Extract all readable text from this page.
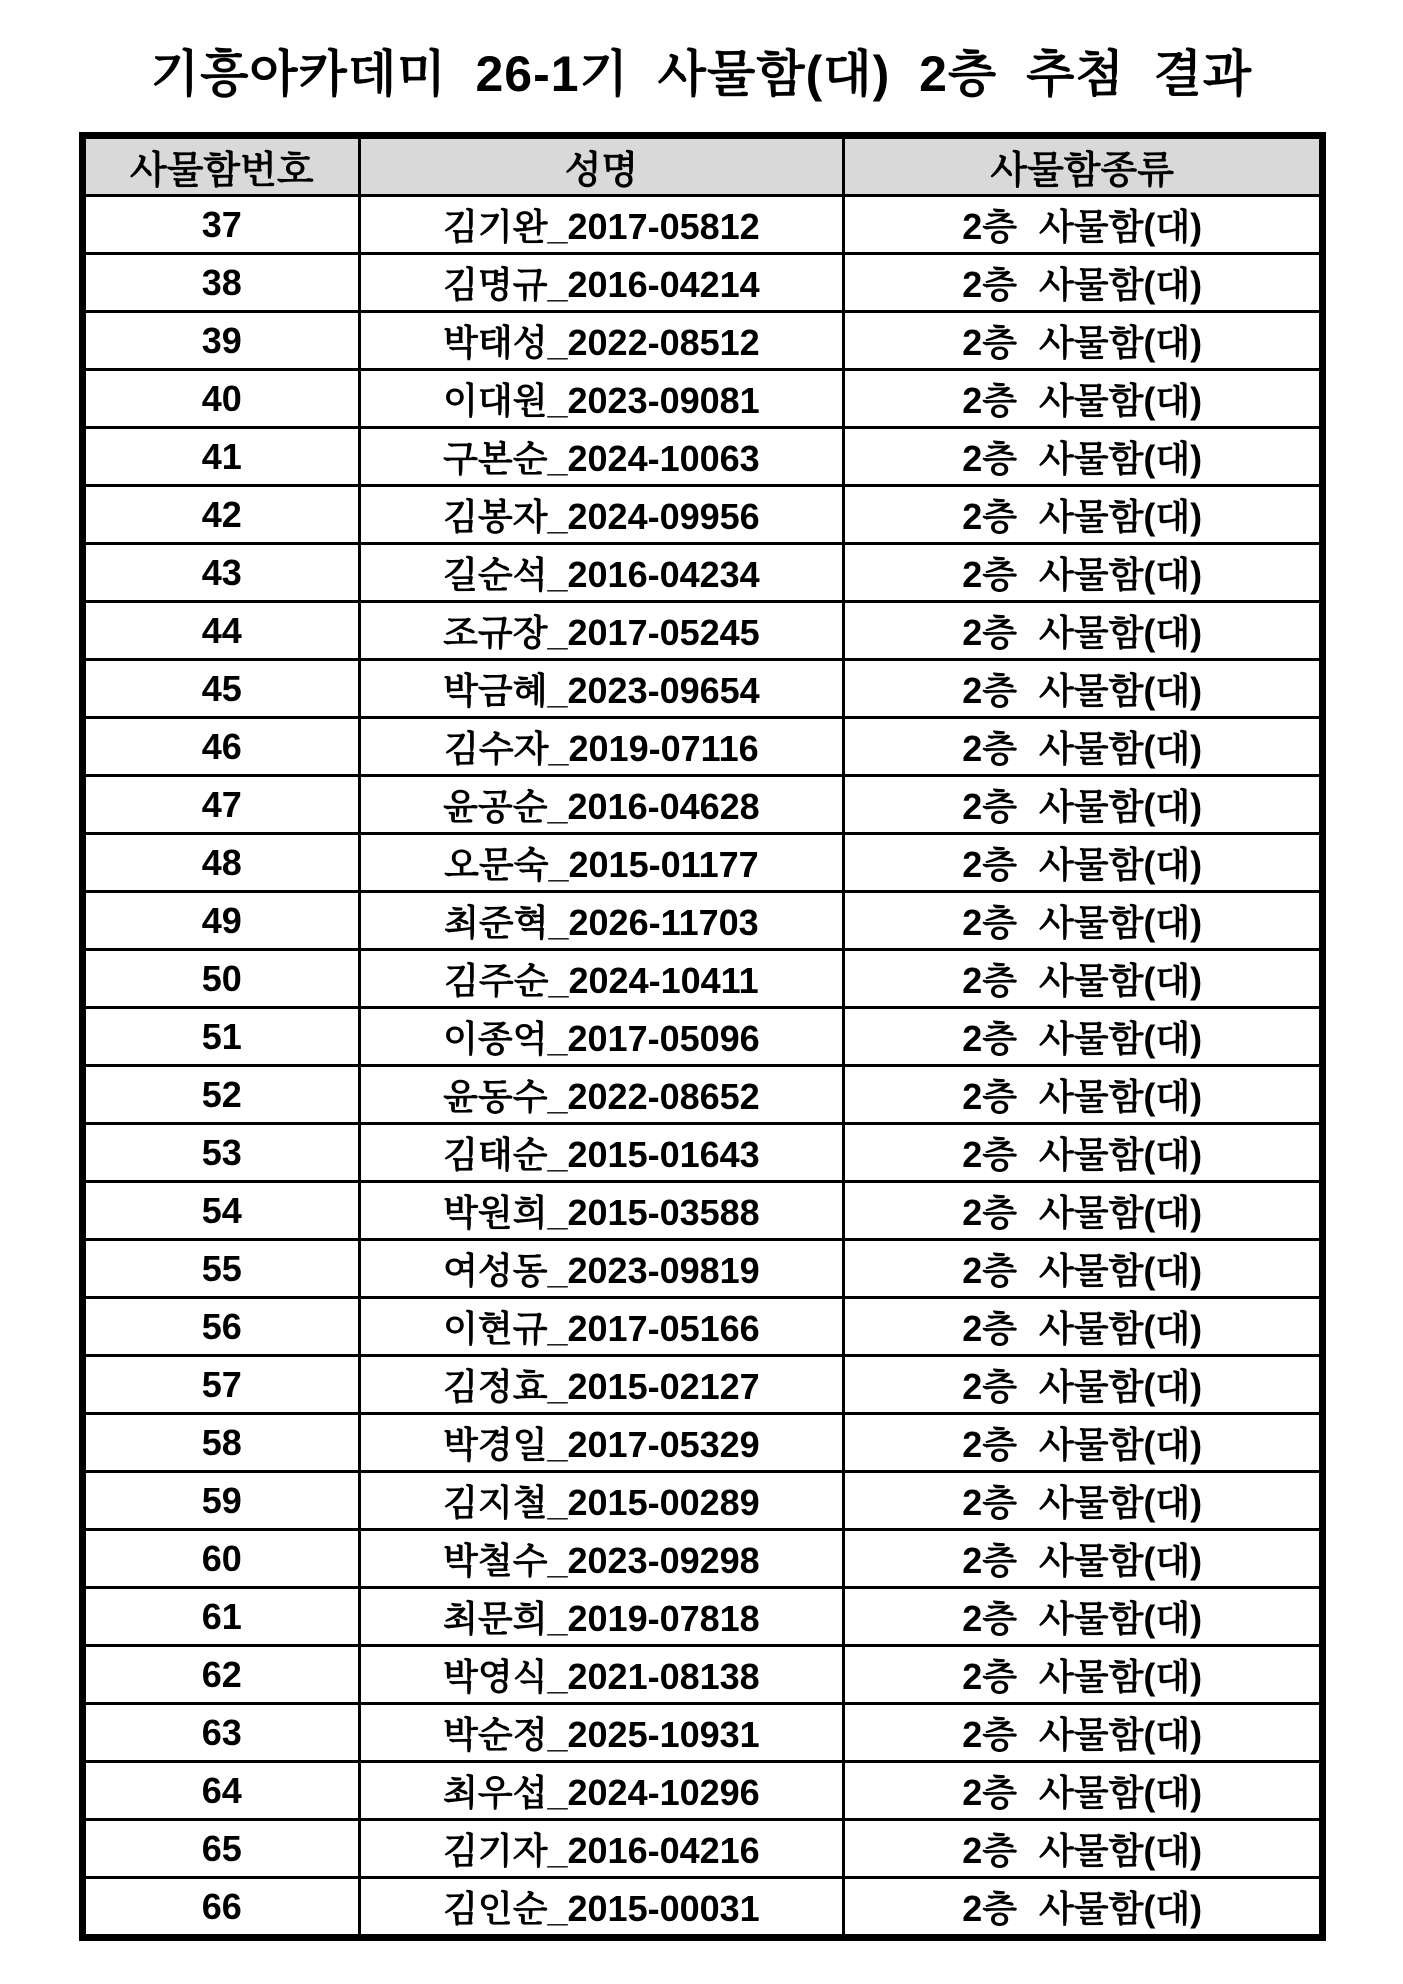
기흥아카데미 26-1기 사물함(대) 2층 추첨 결과
사물함번호	성명	사물함종류
37	김기완_2017-05812	2층 사물함(대)
38	김명규_2016-04214	2층 사물함(대)
39	박태성_2022-08512	2층 사물함(대)
40	이대원_2023-09081	2층 사물함(대)
41	구본순_2024-10063	2층 사물함(대)
42	김봉자_2024-09956	2층 사물함(대)
43	길순석_2016-04234	2층 사물함(대)
44	조규장_2017-05245	2층 사물함(대)
45	박금혜_2023-09654	2층 사물함(대)
46	김수자_2019-07116	2층 사물함(대)
47	윤공순_2016-04628	2층 사물함(대)
48	오문숙_2015-01177	2층 사물함(대)
49	최준혁_2026-11703	2층 사물함(대)
50	김주순_2024-10411	2층 사물함(대)
51	이종억_2017-05096	2층 사물함(대)
52	윤동수_2022-08652	2층 사물함(대)
53	김태순_2015-01643	2층 사물함(대)
54	박원희_2015-03588	2층 사물함(대)
55	여성동_2023-09819	2층 사물함(대)
56	이현규_2017-05166	2층 사물함(대)
57	김정효_2015-02127	2층 사물함(대)
58	박경일_2017-05329	2층 사물함(대)
59	김지철_2015-00289	2층 사물함(대)
60	박철수_2023-09298	2층 사물함(대)
61	최문희_2019-07818	2층 사물함(대)
62	박영식_2021-08138	2층 사물함(대)
63	박순정_2025-10931	2층 사물함(대)
64	최우섭_2024-10296	2층 사물함(대)
65	김기자_2016-04216	2층 사물함(대)
66	김인순_2015-00031	2층 사물함(대)
